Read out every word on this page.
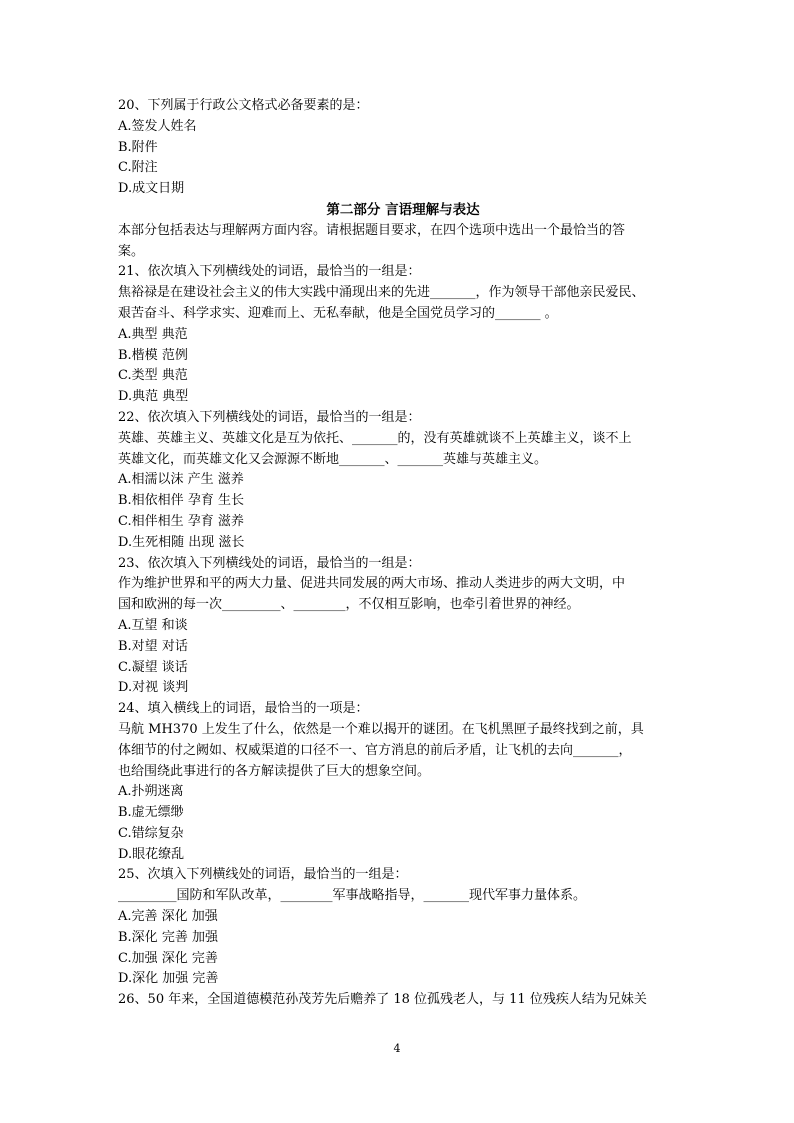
20、下列属于行政公文格式必备要素的是：
A.签发人姓名
B.附件
C.附注
D.成文日期
第二部分 言语理解与表达
本部分包括表达与理解两方面内容。请根据题目要求，在四个选项中选出一个最恰当的答
案。
21、依次填入下列横线处的词语，最恰当的一组是：
焦裕禄是在建设社会主义的伟大实践中涌现出来的先进_______，作为领导干部他亲民爱民、
艰苦奋斗、科学求实、迎难而上、无私奉献，他是全国党员学习的_______ 。
A.典型 典范
B.楷模 范例
C.类型 典范
D.典范 典型
22、依次填入下列横线处的词语，最恰当的一组是：
英雄、英雄主义、英雄文化是互为依托、_______的，没有英雄就谈不上英雄主义，谈不上
英雄文化，而英雄文化又会源源不断地_______、_______英雄与英雄主义。
A.相濡以沫 产生 滋养
B.相依相伴 孕育 生长
C.相伴相生 孕育 滋养
D.生死相随 出现 滋长
23、依次填入下列横线处的词语，最恰当的一组是：
作为维护世界和平的两大力量、促进共同发展的两大市场、推动人类进步的两大文明，中
国和欧洲的每一次_________、________，不仅相互影响，也牵引着世界的神经。
A.互望 和谈
B.对望 对话
C.凝望 谈话
D.对视 谈判
24、填入横线上的词语，最恰当的一项是：
马航 MH370 上发生了什么，依然是一个难以揭开的谜团。在飞机黑匣子最终找到之前，具
体细节的付之阙如、权威渠道的口径不一、官方消息的前后矛盾，让飞机的去向_______，
也给围绕此事进行的各方解读提供了巨大的想象空间。
A.扑朔迷离
B.虚无缥缈
C.错综复杂
D.眼花缭乱
25、次填入下列横线处的词语，最恰当的一组是：
_________国防和军队改革，________军事战略指导，_______现代军事力量体系。
A.完善 深化 加强
B.深化 完善 加强
C.加强 深化 完善
D.深化 加强 完善
26、50 年来，全国道德模范孙茂芳先后赡养了 18 位孤残老人，与 11 位残疾人结为兄妹关
4
